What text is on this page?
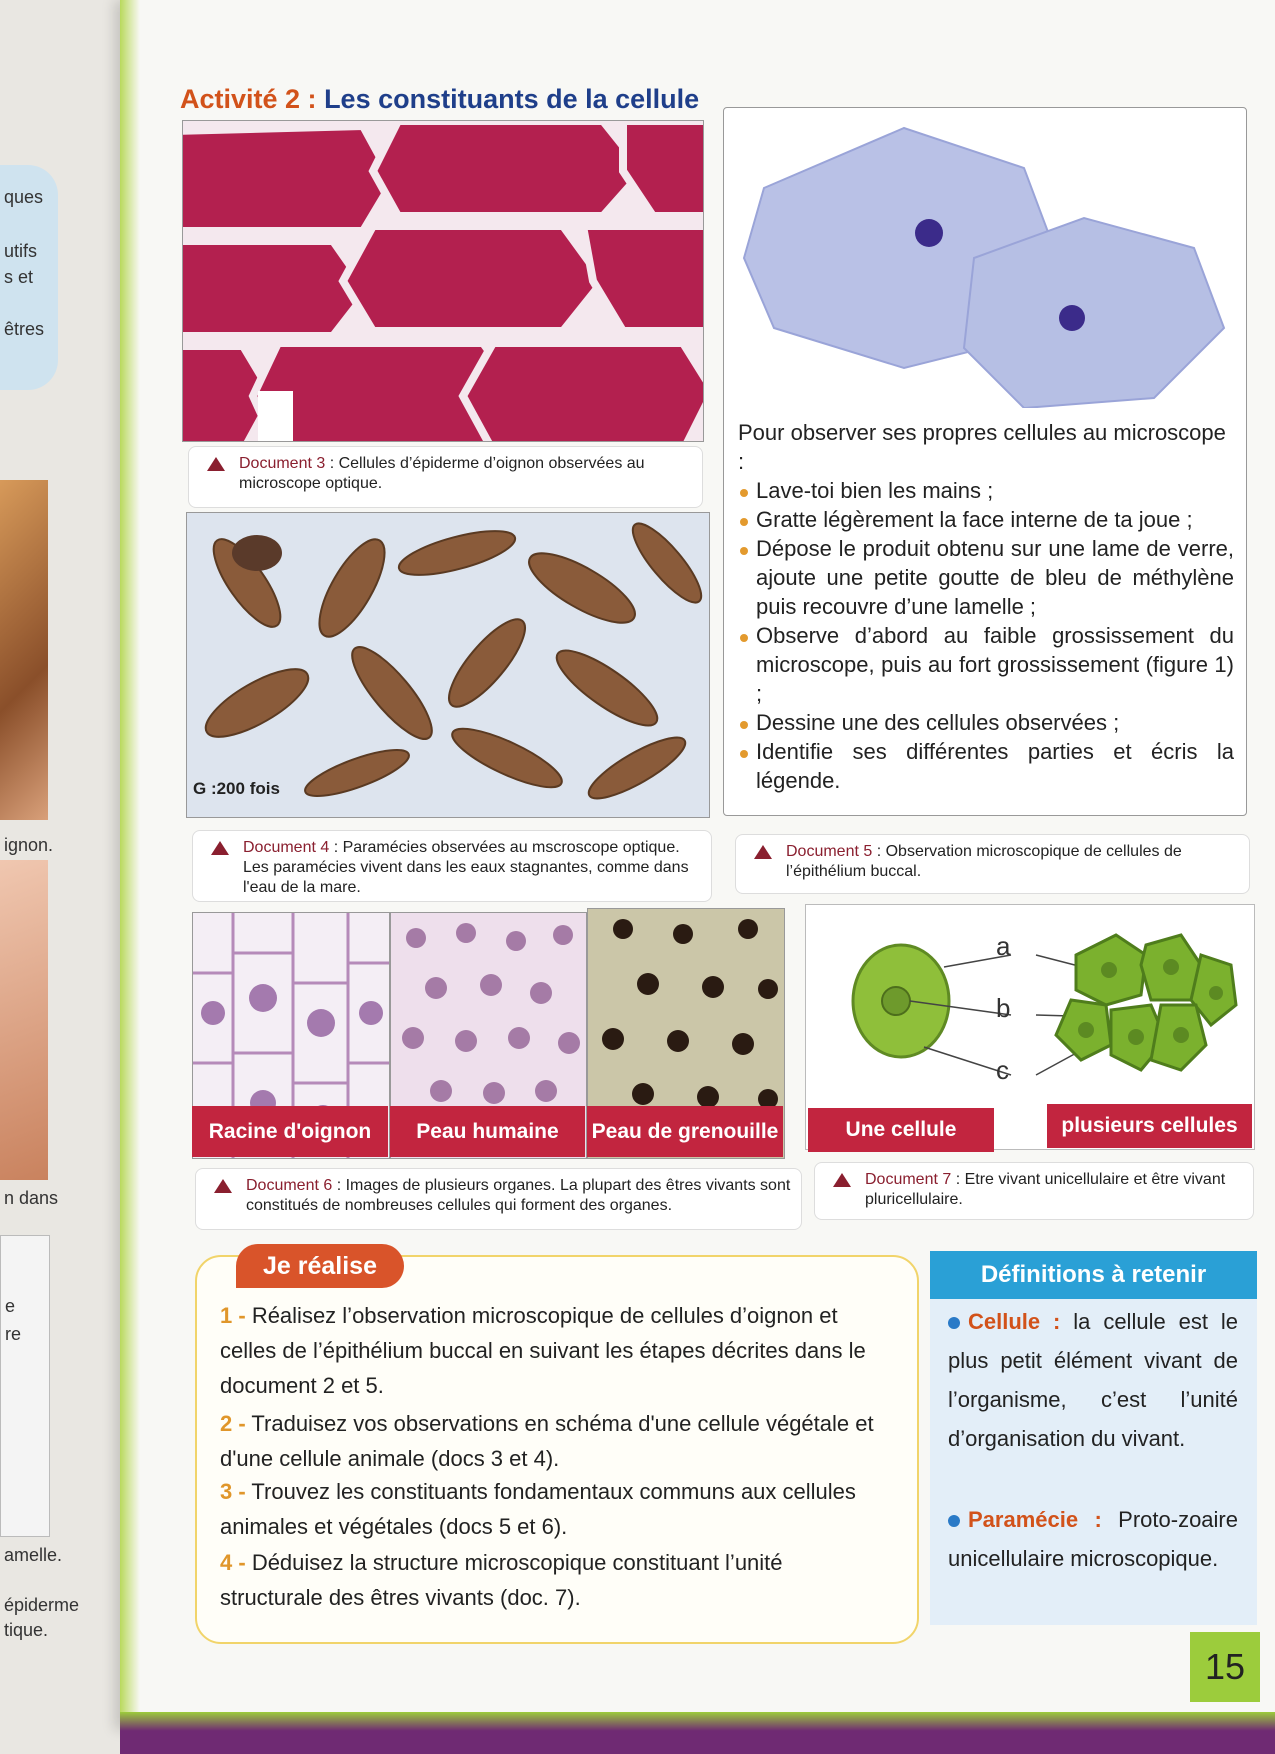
ques
utifs
s et
êtres
ignon.
n dans
e
re
amelle.
épiderme
tique.
Activité 2 : Les constituants de la cellule
Document 3 : Cellules d’épiderme d’oignon observées au microscope optique.
G :200 fois
Document 4 : Paramécies observées au mscroscope optique. Les paramécies vivent dans les eaux stagnantes, comme dans l'eau de la mare.

Pour observer ses propres cellules au microscope :

Lave-toi bien les mains ;

Gratte légèrement la face interne de ta joue ;

Dépose le produit obtenu sur une lame de verre, ajoute une petite goutte de bleu de méthylène puis recouvre d’une lamelle ;

Observe d’abord au faible grossissement du microscope, puis au fort grossissement (figure 1) ;

Dessine une des cellules observées ;

Identifie ses différentes parties et écris la légende.

Document 5 : Observation microscopique de cellules de l’épithélium buccal.
Racine d'oignon	Peau humaine	Peau de grenouille
Document 6 : Images de plusieurs organes. La plupart des êtres vivants sont constitués de nombreuses cellules qui forment des organes.
a
b
c
Une cellule	plusieurs cellules
Document 7 : Etre vivant unicellulaire et être vivant pluricellulaire.
Je réalise
1 - Réalisez l’observation microscopique de cellules d’oignon et celles de l’épithélium buccal en suivant les étapes décrites dans le document 2 et 5.
2 - Traduisez vos observations en schéma d'une cellule végétale et d'une cellule animale (docs 3 et 4).
3 - Trouvez les constituants fondamentaux communs aux cellules animales et végétales (docs 5 et 6).
4 - Déduisez la structure microscopique constituant l’unité structurale des êtres vivants (doc. 7).
Définitions à retenir
Cellule : la cellule est le plus petit élément vivant de l’organisme, c’est l’unité d’organisation du vivant.
Paramécie : Proto-zoaire unicellulaire microscopique.
15
